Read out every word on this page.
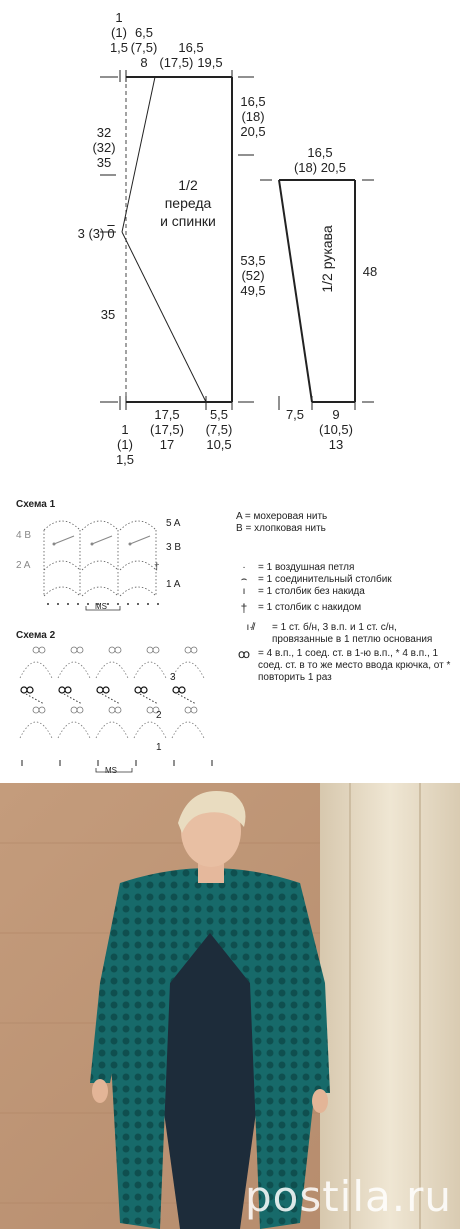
1
(1)
1,5
6,5
(7,5)
8
16,5
(17,5) 19,5
32
(32)
35
3 (3) 0
35
16,5
(18)
20,5
53,5
(52)
49,5
1
(1)
1,5
17,5
(17,5)
17
5,5
(7,5)
10,5
1/2
переда
и спинки
16,5
(18) 20,5
48
1/2 рукава
7,5	9
(10,5)
13
Схема 1
†
5 A
3 B
1 A
4 B
2 A
MS
Схема 2
3
2
1
MS
A = мохеровая нить
B = хлопковая нить
·	= 1 воздушная петля
⌢	= 1 соединительный столбик
ı	= 1 столбик без накида
†	= 1 столбик с накидом
ı·̸/	= 1 ст. б/н, 3 в.п. и 1 ст. с/н, провязанные в 1 петлю основания
ꝏ = 4 в.п., 1 соед. ст. в 1-ю в.п., * 4 в.п., 1 соед. ст. в то же место ввода крючка, от * повторить 1 раз
postila.ru
